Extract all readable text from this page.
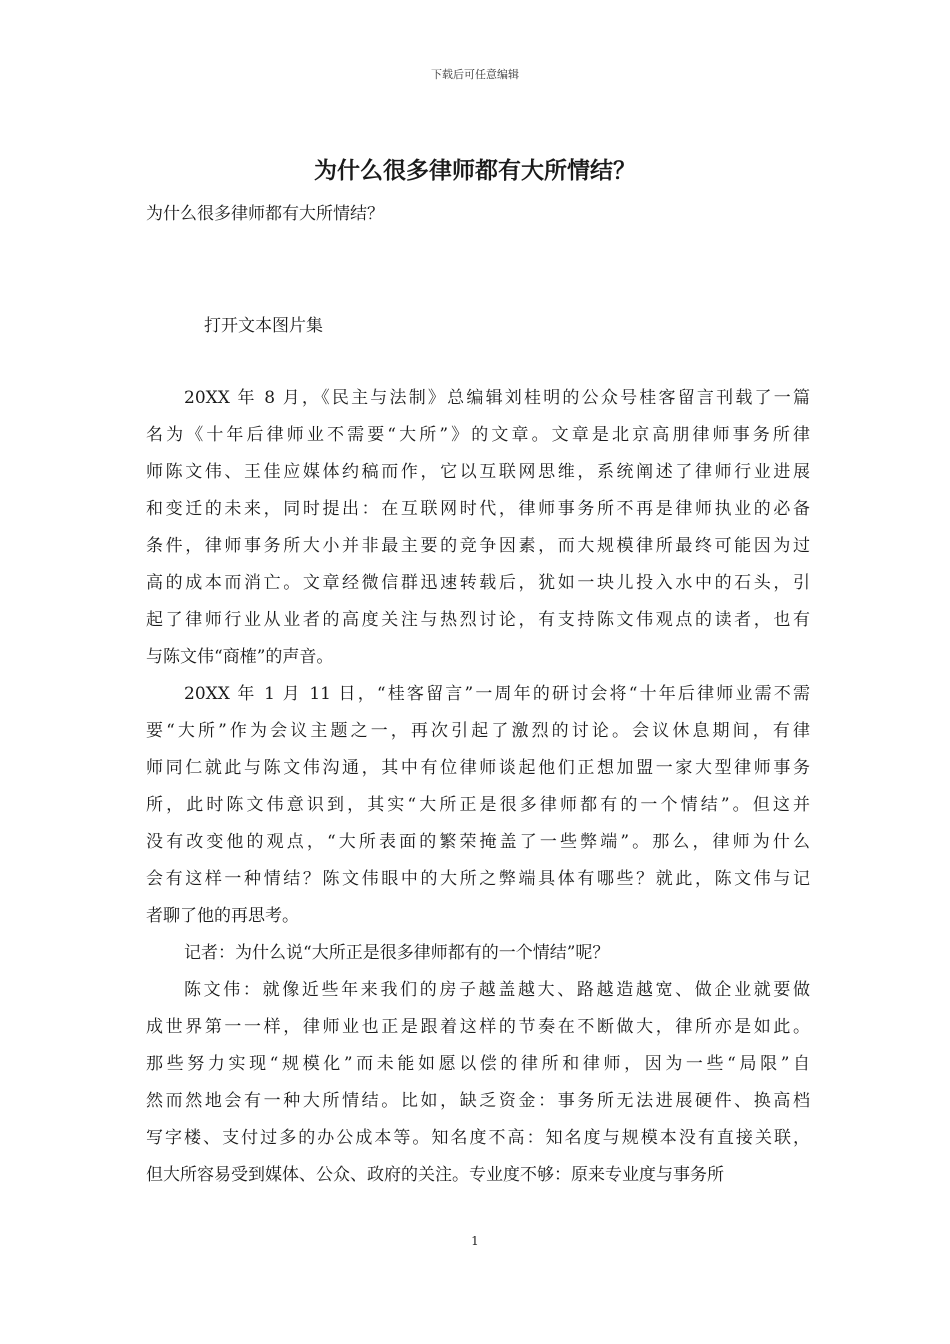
下载后可任意编辑
为什么很多律师都有大所情结？

为什么很多律师都有大所情结？

打开文本图片集

20XX 年 8 月，《民主与法制》总编辑刘桂明的公众号桂客留言刊载了一篇
名为《十年后律师业不需要“大所”》的文章。文章是北京高朋律师事务所律
师陈文伟、王佳应媒体约稿而作，它以互联网思维，系统阐述了律师行业进展
和变迁的未来，同时提出：在互联网时代，律师事务所不再是律师执业的必备
条件，律师事务所大小并非最主要的竞争因素，而大规模律所最终可能因为过
高的成本而消亡。文章经微信群迅速转载后，犹如一块儿投入水中的石头，引
起了律师行业从业者的高度关注与热烈讨论，有支持陈文伟观点的读者，也有
与陈文伟“商榷”的声音。
20XX 年 1 月 11 日，“桂客留言”一周年的研讨会将“十年后律师业需不需
要“大所”作为会议主题之一，再次引起了激烈的讨论。会议休息期间，有律
师同仁就此与陈文伟沟通，其中有位律师谈起他们正想加盟一家大型律师事务
所，此时陈文伟意识到，其实“大所正是很多律师都有的一个情结”。但这并
没有改变他的观点，“大所表面的繁荣掩盖了一些弊端”。那么，律师为什么
会有这样一种情结？陈文伟眼中的大所之弊端具体有哪些？就此，陈文伟与记
者聊了他的再思考。
记者：为什么说“大所正是很多律师都有的一个情结”呢？
陈文伟：就像近些年来我们的房子越盖越大、路越造越宽、做企业就要做
成世界第一一样，律师业也正是跟着这样的节奏在不断做大，律所亦是如此。
那些努力实现“规模化”而未能如愿以偿的律所和律师，因为一些“局限”自
然而然地会有一种大所情结。比如，缺乏资金：事务所无法进展硬件、换高档
写字楼、支付过多的办公成本等。知名度不高：知名度与规模本没有直接关联，
但大所容易受到媒体、公众、政府的关注。专业度不够：原来专业度与事务所
1
